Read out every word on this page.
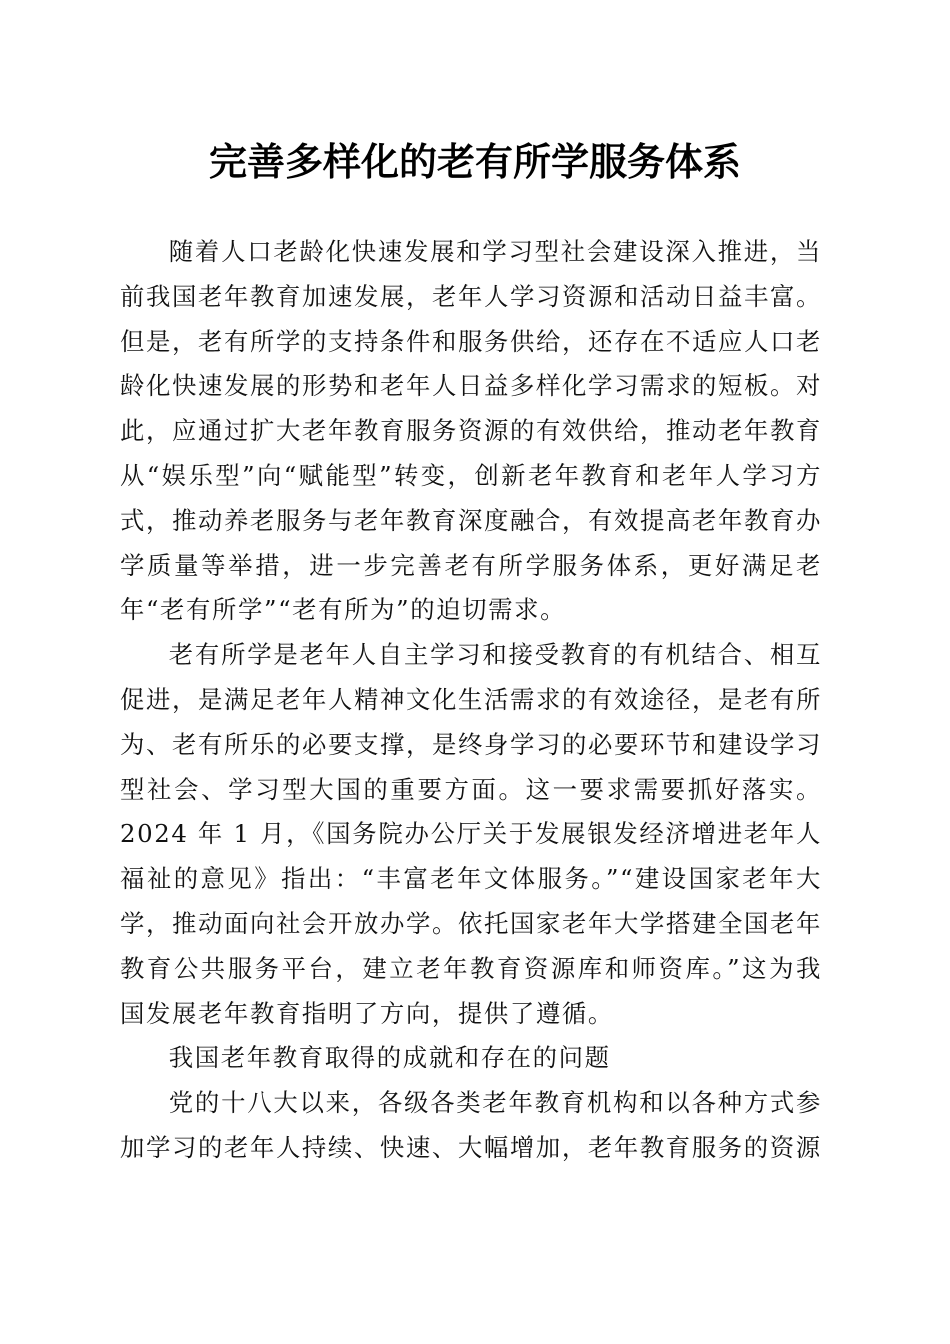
完善多样化的老有所学服务体系

随着人口老龄化快速发展和学习型社会建设深入推进，当前我国老年教育加速发展，老年人学习资源和活动日益丰富。但是，老有所学的支持条件和服务供给，还存在不适应人口老龄化快速发展的形势和老年人日益多样化学习需求的短板。对此，应通过扩大老年教育服务资源的有效供给，推动老年教育从“娱乐型”向“赋能型”转变，创新老年教育和老年人学习方式，推动养老服务与老年教育深度融合，有效提高老年教育办学质量等举措，进一步完善老有所学服务体系，更好满足老年“老有所学”“老有所为”的迫切需求。

老有所学是老年人自主学习和接受教育的有机结合、相互促进，是满足老年人精神文化生活需求的有效途径，是老有所为、老有所乐的必要支撑，是终身学习的必要环节和建设学习型社会、学习型大国的重要方面。这一要求需要抓好落实。2024 年 1 月，《国务院办公厅关于发展银发经济增进老年人福祉的意见》指出：“丰富老年文体服务。”“建设国家老年大学，推动面向社会开放办学。依托国家老年大学搭建全国老年教育公共服务平台，建立老年教育资源库和师资库。”这为我国发展老年教育指明了方向，提供了遵循。

我国老年教育取得的成就和存在的问题

党的十八大以来，各级各类老年教育机构和以各种方式参加学习的老年人持续、快速、大幅增加，老年教育服务的资源
